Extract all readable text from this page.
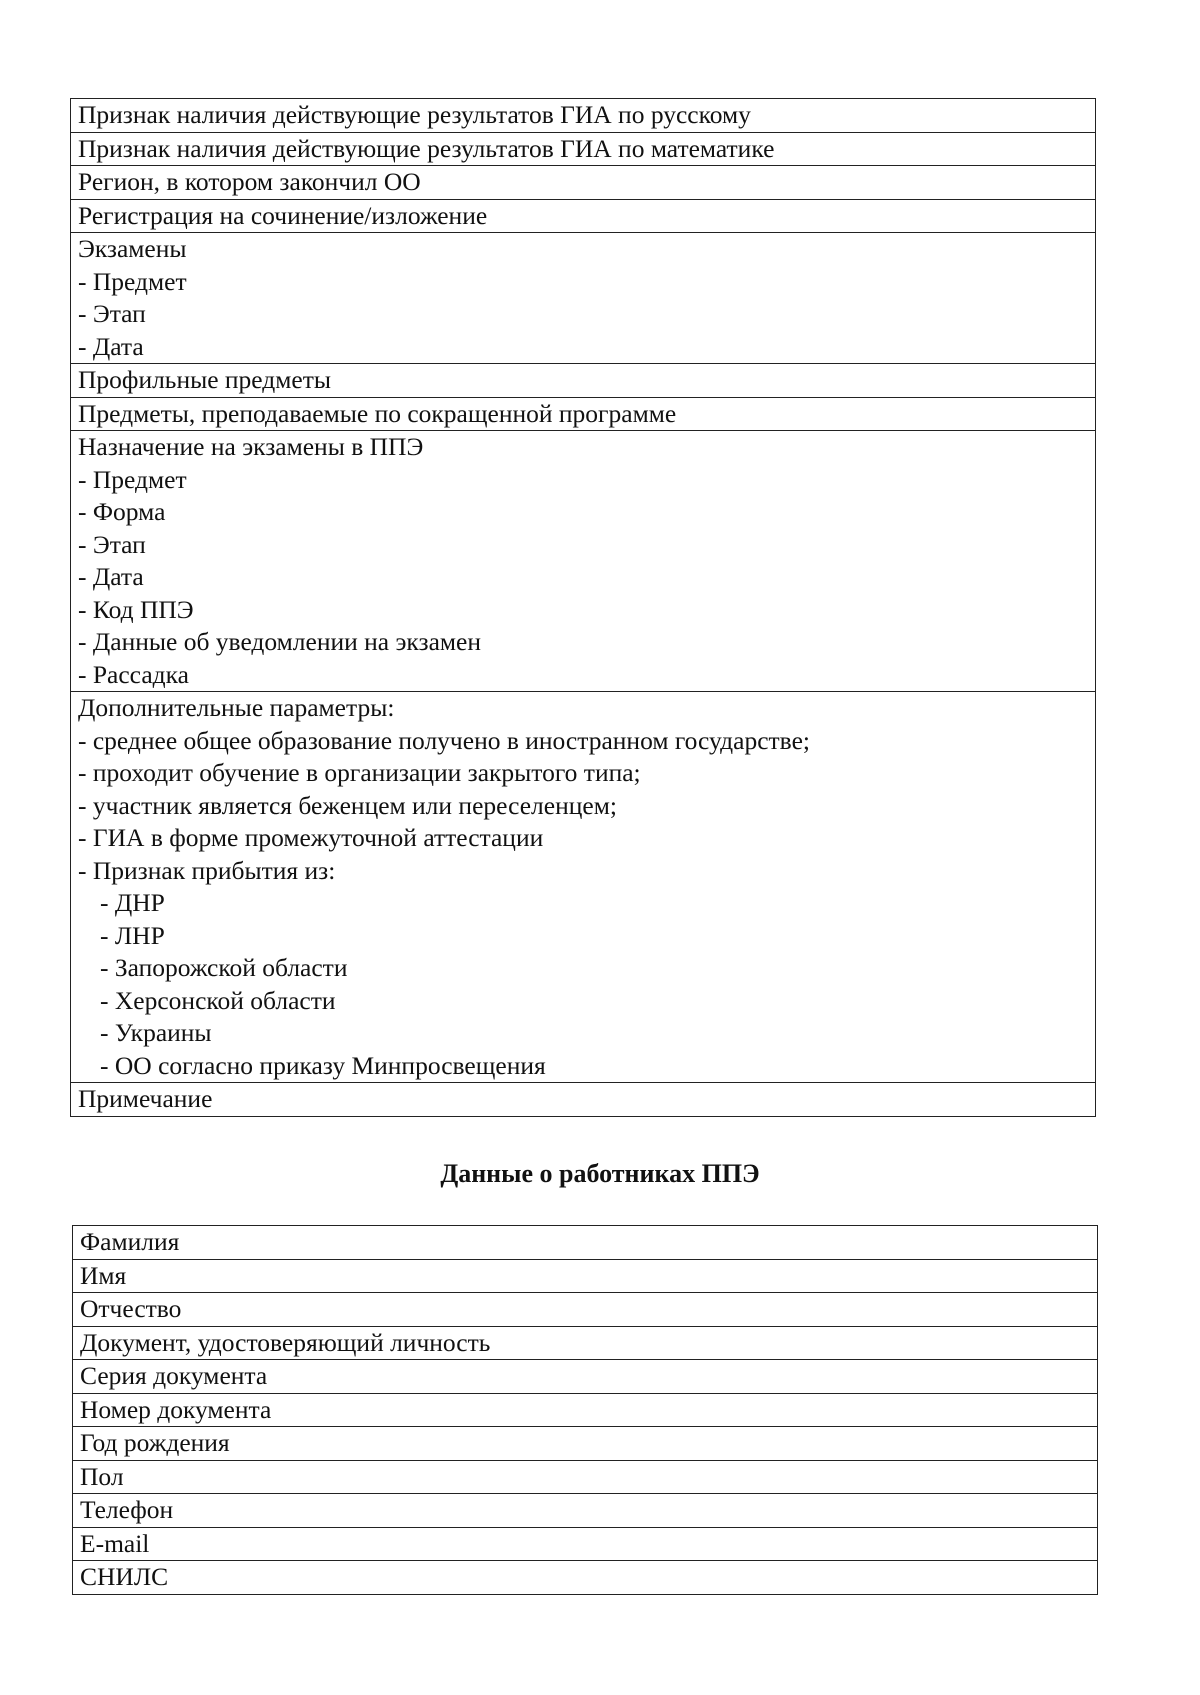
Признак наличия действующие результатов ГИА по русскому
Признак наличия действующие результатов ГИА по математике
Регион, в котором закончил ОО
Регистрация на сочинение/изложение
Экзамены
- Предмет
- Этап
- Дата
Профильные предметы
Предметы, преподаваемые по сокращенной программе
Назначение на экзамены в ППЭ
- Предмет
- Форма
- Этап
- Дата
- Код ППЭ
- Данные об уведомлении на экзамен
- Рассадка
Дополнительные параметры:
- среднее общее образование получено в иностранном государстве;
- проходит обучение в организации закрытого типа;
- участник является беженцем или переселенцем;
- ГИА в форме промежуточной аттестации
- Признак прибытия из:
- ДНР
- ЛНР
- Запорожской области
- Херсонской области
- Украины
- ОО согласно приказу Минпросвещения
Примечание
Данные о работниках ППЭ
Фамилия
Имя
Отчество
Документ, удостоверяющий личность
Серия документа
Номер документа
Год рождения
Пол
Телефон
E-mail
СНИЛС
